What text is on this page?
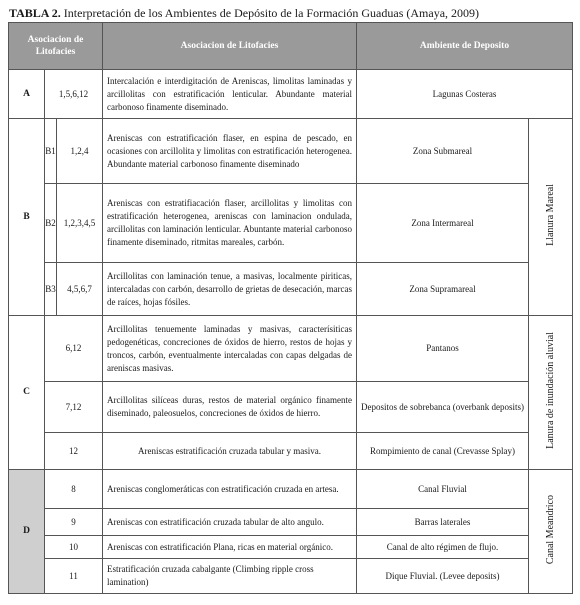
TABLA 2. Interpretación de los Ambientes de Depósito de la Formación Guaduas (Amaya, 2009)
Asociacion de Litofacies			Asociacion de Litofacies	Ambiente de Deposito	
A	1,5,6,12		Intercalación e interdigitación de Areniscas, limolitas laminadas y arcillolitas con estratificación lenticular. Abundante material carbonoso finamente diseminado.	Lagunas Costeras	
B	B1	1,2,4	Areniscas con estratificación flaser, en espina de pescado, en ocasiones con arcillolita y limolitas con estratificación heterogenea. Abundante material carbonoso finamente diseminado	Zona Submareal	Llanura Mareal
	B2	1,2,3,4,5	Areniscas con estratifiacación flaser, arcillolitas y limolitas con estratificación heterogenea, areniscas con laminacion ondulada, arcillolitas con laminación lenticular. Abuntante material carbonoso finamente diseminado, ritmitas mareales, carbón.	Zona Intermareal	
	B3	4,5,6,7	Arcillolitas con laminación tenue, a masivas, localmente piriticas, intercaladas con carbón, desarrollo de grietas de desecación, marcas de raíces, hojas fósiles.	Zona Supramareal	
C	6,12		Arcillolitas tenuemente laminadas y masivas, caracterísiticas pedogenéticas, concreciones de óxidos de hierro, restos de hojas y troncos, carbón, eventualmente intercaladas con capas delgadas de areniscas masivas.	Pantanos	Lanura de inundación aluvial
	7,12		Arcillolitas silíceas duras, restos de material orgánico finamente diseminado, paleosuelos, concreciones de óxidos de hierro.	Depositos de sobrebanca (overbank deposits)	
	12		Areniscas estratificación cruzada tabular y masiva.	Rompimiento de canal (Crevasse Splay)	
D	8		Areniscas conglomeráticas con estratificación cruzada en artesa.	Canal Fluvial	Canal Meandrico
	9		Areniscas con estratificación cruzada tabular de alto angulo.	Barras laterales	
	10		Areniscas con estratificación Plana, ricas en material orgánico.	Canal de alto régimen de flujo.	
	11		Estratificación cruzada cabalgante (Climbing ripple cross lamination)	Dique Fluvial. (Levee deposits)	
